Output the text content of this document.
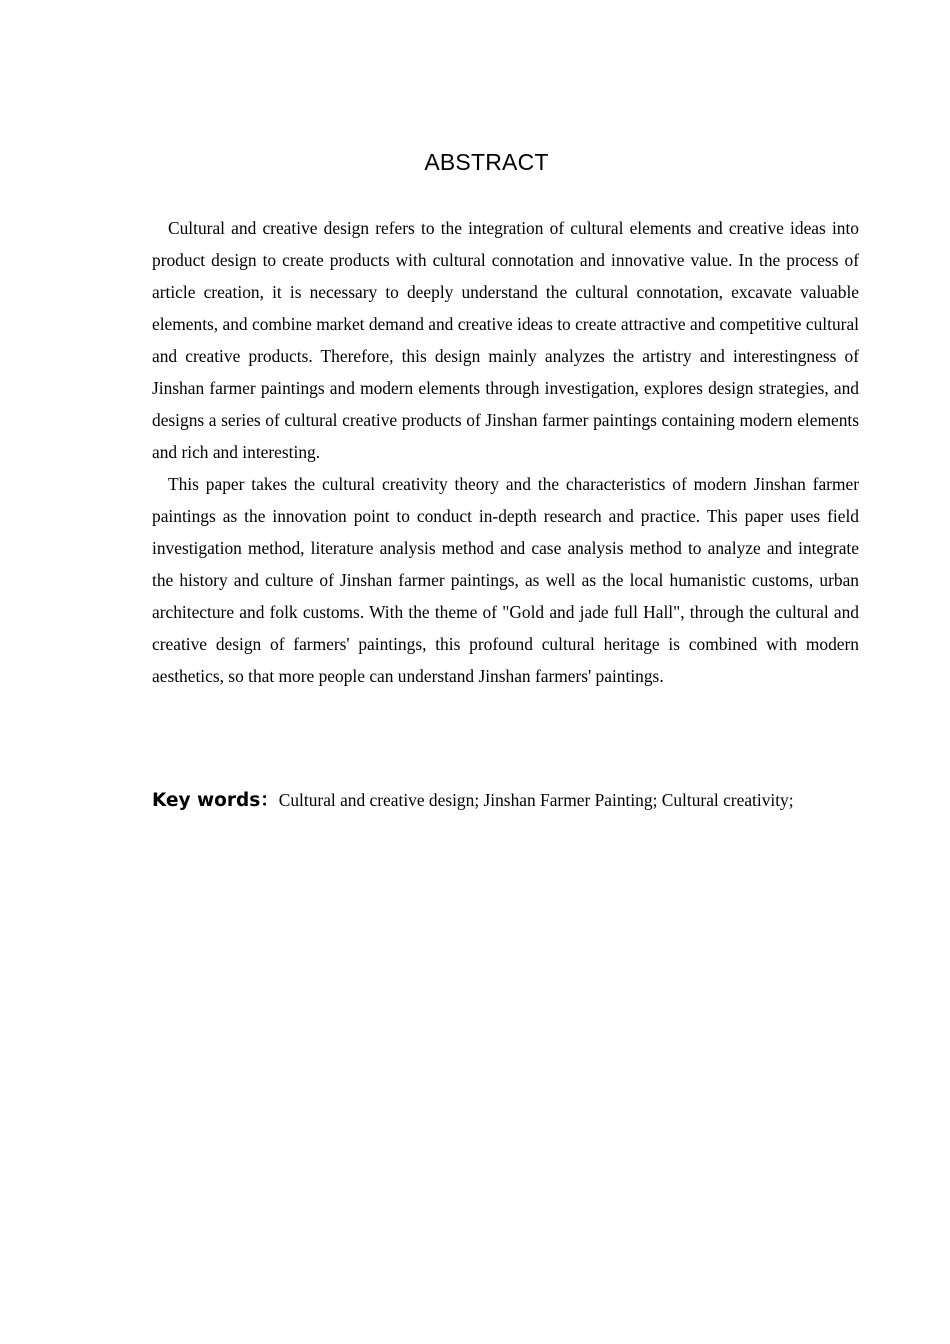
ABSTRACT

Cultural and creative design refers to the integration of cultural elements and creative ideas into product design to create products with cultural connotation and innovative value. In the process of article creation, it is necessary to deeply understand the cultural connotation, excavate valuable elements, and combine market demand and creative ideas to create attractive and competitive cultural and creative products. Therefore, this design mainly analyzes the artistry and interestingness of Jinshan farmer paintings and modern elements through investigation, explores design strategies, and designs a series of cultural creative products of Jinshan farmer paintings containing modern elements and rich and interesting.

This paper takes the cultural creativity theory and the characteristics of modern Jinshan farmer paintings as the innovation point to conduct in-depth research and practice. This paper uses field investigation method, literature analysis method and case analysis method to analyze and integrate the history and culture of Jinshan farmer paintings, as well as the local humanistic customs, urban architecture and folk customs. With the theme of "Gold and jade full Hall", through the cultural and creative design of farmers' paintings, this profound cultural heritage is combined with modern aesthetics, so that more people can understand Jinshan farmers' paintings.

Key words：Cultural and creative design; Jinshan Farmer Painting; Cultural creativity;
